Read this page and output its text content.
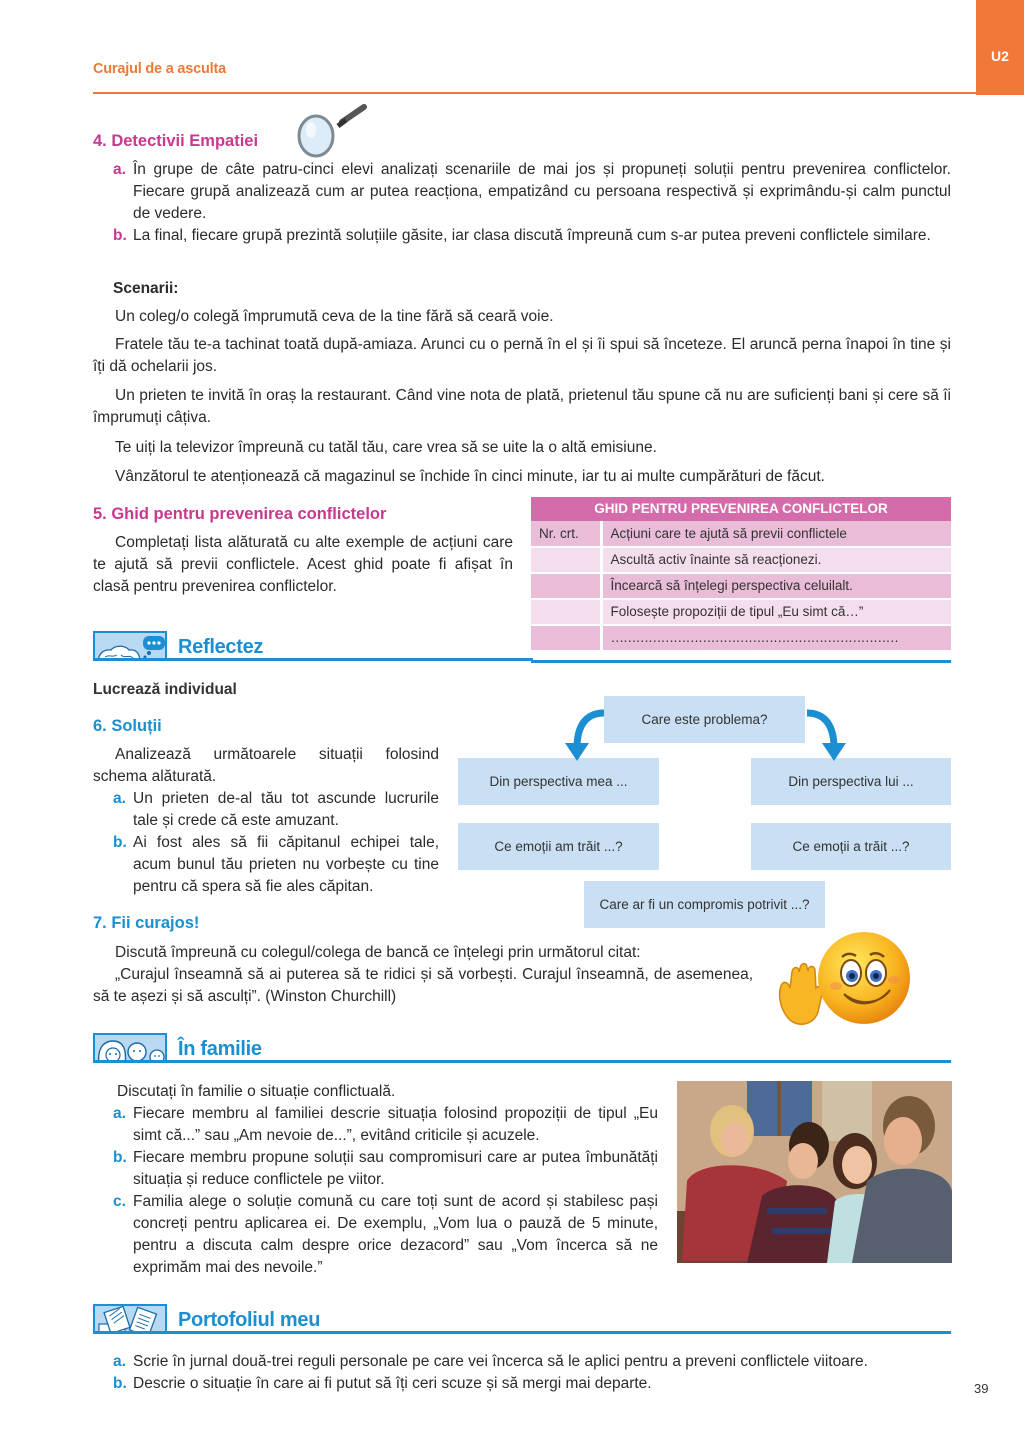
Curajul de a asculta
U2
4. Detectivii Empatiei
a. În grupe de câte patru-cinci elevi analizați scenariile de mai jos și propuneți soluții pentru prevenirea conflictelor. Fiecare grupă analizează cum ar putea reacționa, empatizând cu persoana respectivă și exprimându-și calm punctul de vedere.
b. La final, fiecare grupă prezintă soluțiile găsite, iar clasa discută împreună cum s-ar putea preveni conflictele similare.
Scenarii:
Un coleg/o colegă împrumută ceva de la tine fără să ceară voie.
Fratele tău te-a tachinat toată după-amiaza. Arunci cu o pernă în el și îi spui să înceteze. El aruncă perna înapoi în tine și îți dă ochelarii jos.
Un prieten te invită în oraș la restaurant. Când vine nota de plată, prietenul tău spune că nu are suficienți bani și cere să îi împrumuți câțiva.
Te uiți la televizor împreună cu tatăl tău, care vrea să se uite la o altă emisiune.
Vânzătorul te atenționează că magazinul se închide în cinci minute, iar tu ai multe cumpărături de făcut.
5. Ghid pentru prevenirea conflictelor
Completați lista alăturată cu alte exemple de acțiuni care te ajută să previi conflictele. Acest ghid poate fi afișat în clasă pentru prevenirea conflictelor.
GHID PENTRU PREVENIREA CONFLICTELOR	
Nr. crt.	Acțiuni care te ajută să previi conflictele
	Ascultă activ înainte să reacționezi.
	Încearcă să înțelegi perspectiva celuilalt.
	Folosește propoziții de tipul „Eu simt că…”
	……………………………………………………………
Reflectez
Lucrează individual
6. Soluții
Analizează următoarele situații folosind schema alăturată.
a. Un prieten de-al tău tot ascunde lucrurile tale și crede că este amuzant.
b. Ai fost ales să fii căpitanul echipei tale, acum bunul tău prieten nu vorbește cu tine pentru că spera să fie ales căpitan.
Care este problema?
Din perspectiva mea ...	Din perspectiva lui ...
Ce emoții am trăit ...?	Ce emoții a trăit ...?
Care ar fi un compromis potrivit ...?
7. Fii curajos!
Discută împreună cu colegul/colega de bancă ce înțelegi prin următorul citat:
„Curajul înseamnă să ai puterea să te ridici și să vorbești. Curajul înseamnă, de asemenea, să te așezi și să asculți”. (Winston Churchill)
În familie
Discutați în familie o situație conflictuală.
a. Fiecare membru al familiei descrie situația folosind propoziții de tipul „Eu simt că...” sau „Am nevoie de...”, evitând criticile și acuzele.
b. Fiecare membru propune soluții sau compromisuri care ar putea îmbunătăți situația și reduce conflictele pe viitor.
c. Familia alege o soluție comună cu care toți sunt de acord și stabilesc pași concreți pentru aplicarea ei. De exemplu, „Vom lua o pauză de 5 minute, pentru a discuta calm despre orice dezacord” sau „Vom încerca să ne exprimăm mai des nevoile.”
Portofoliul meu
a. Scrie în jurnal două-trei reguli personale pe care vei încerca să le aplici pentru a preveni conflictele viitoare.
b. Descrie o situație în care ai fi putut să îți ceri scuze și să mergi mai departe.	39
